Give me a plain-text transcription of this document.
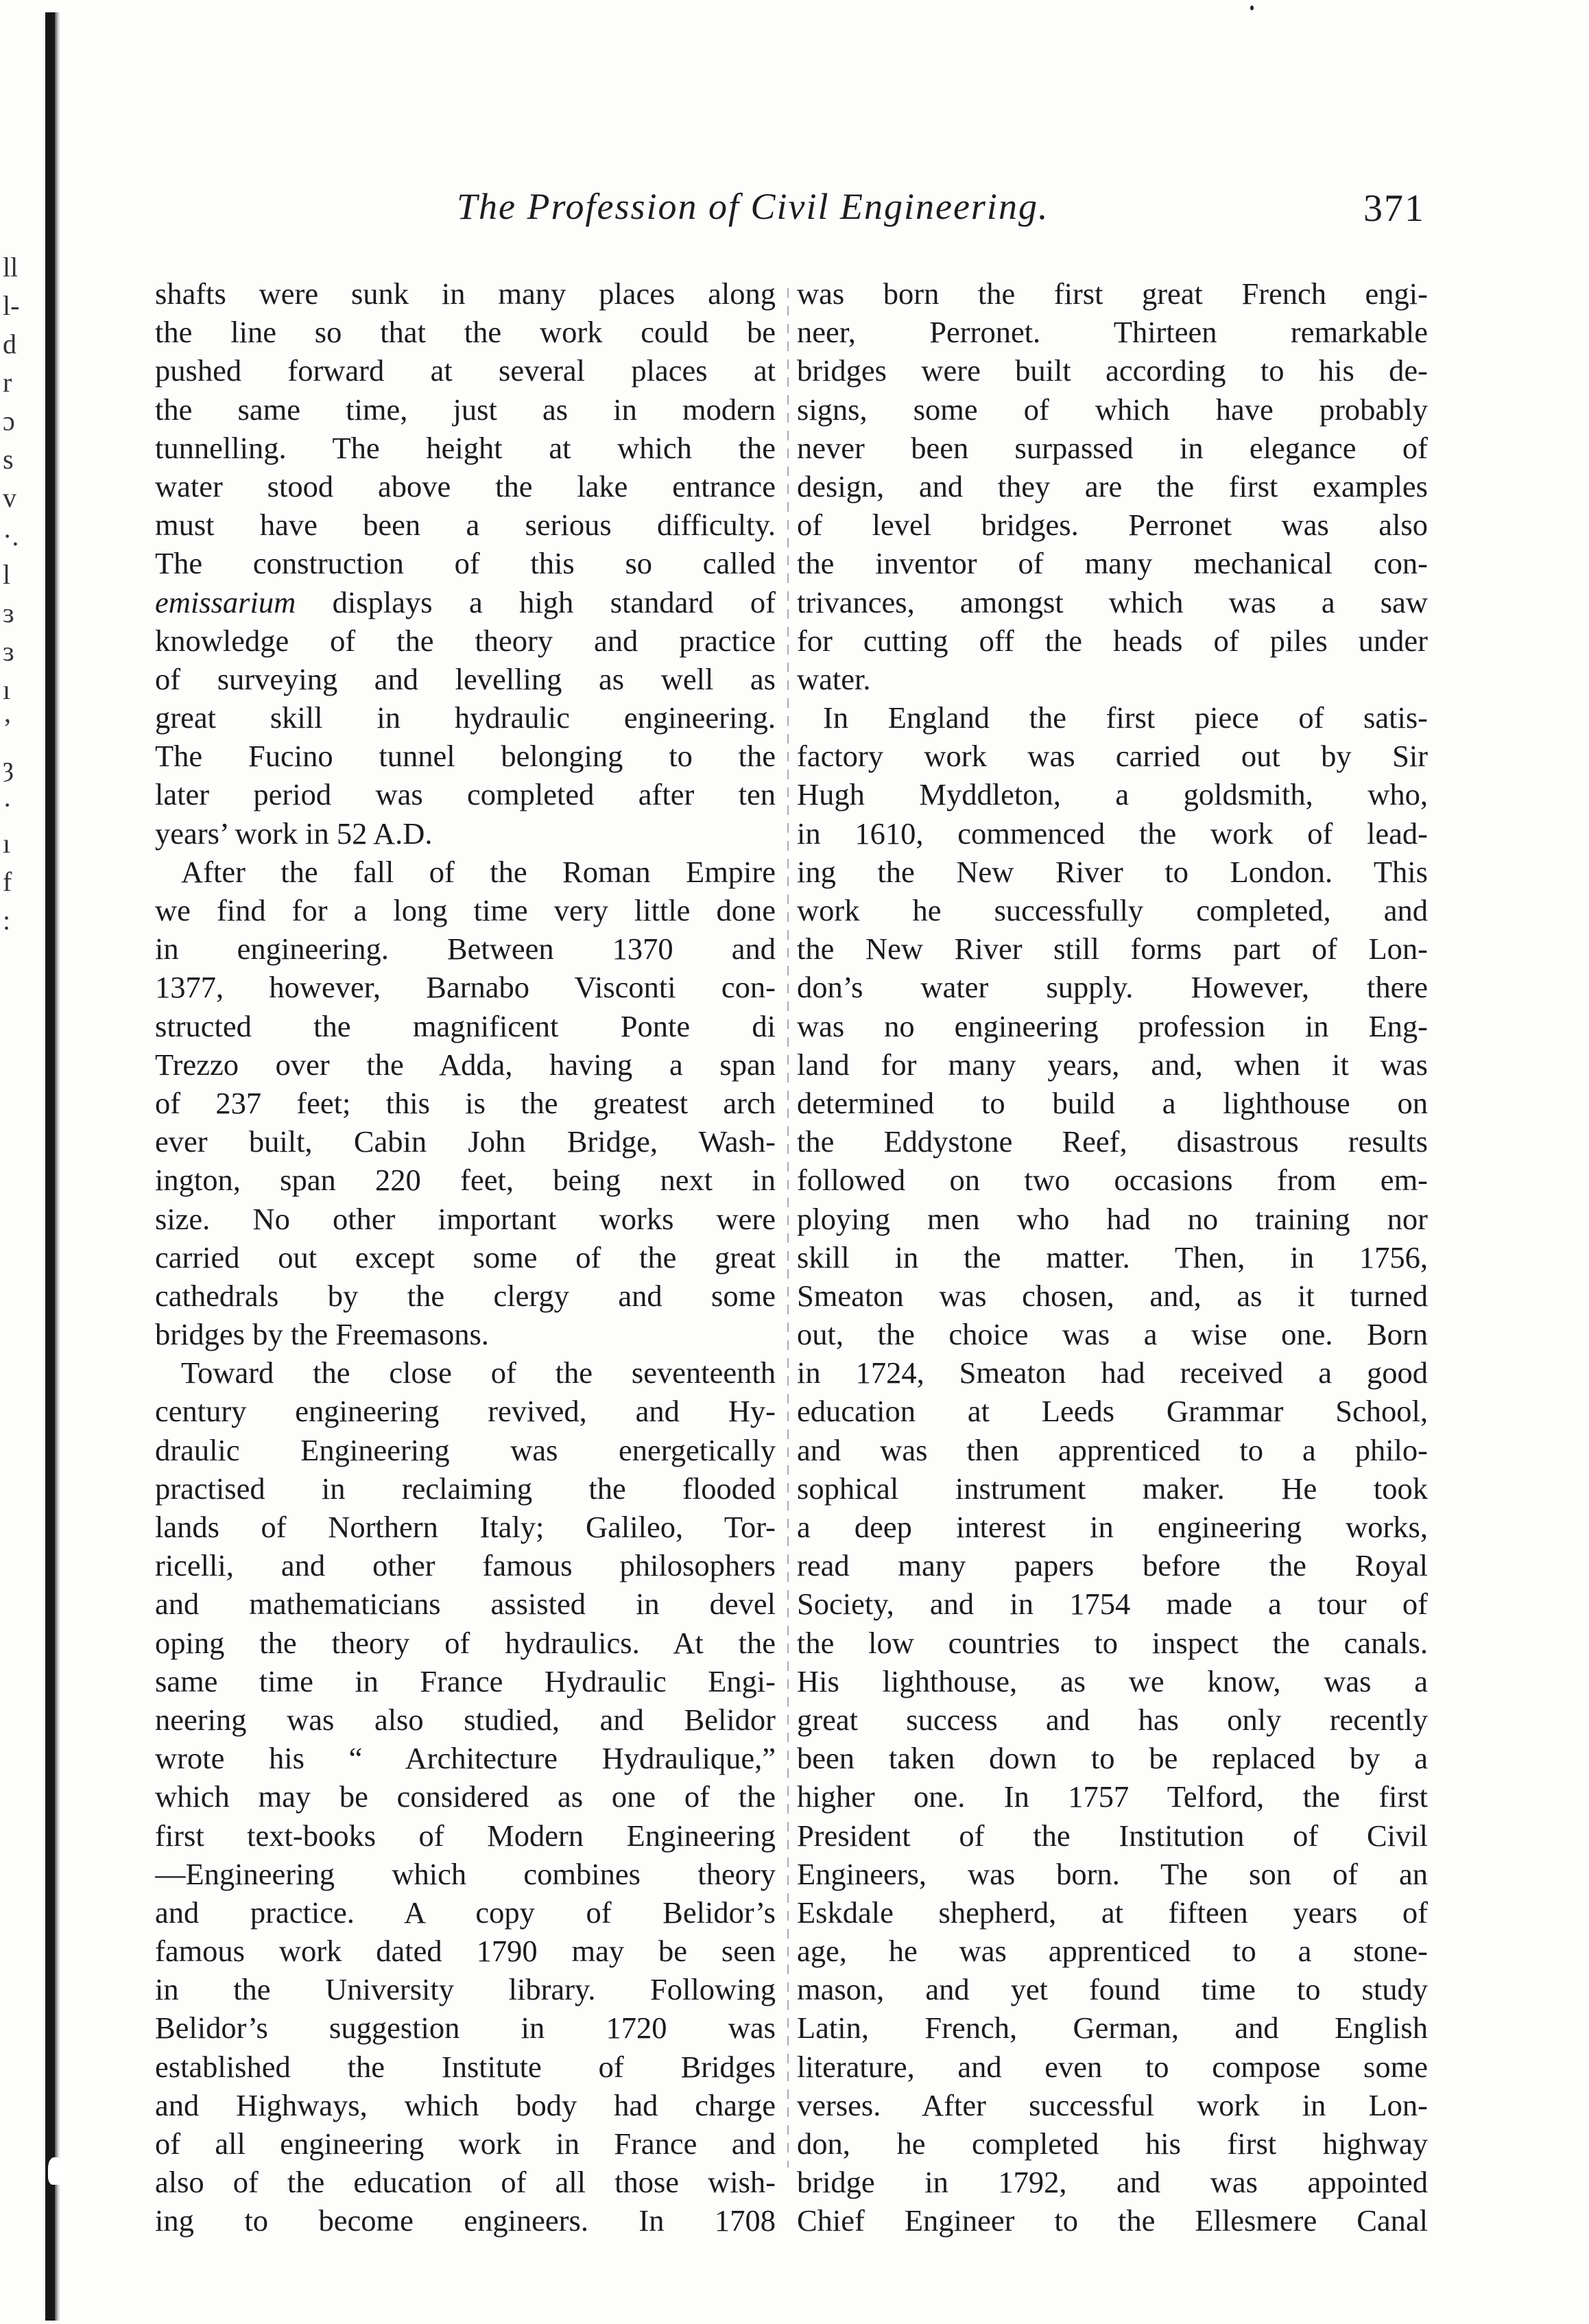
ll
l-
d
r
ɔ
s
v
·.
l
ɜ
ɜ
ı
’
ȝ
·
ı
f
:
The Profession of Civil Engineering.	371
shafts were sunk in many places along
the line so that the work could be
pushed forward at several places at
the same time, just as in modern
tunnelling. The height at which the
water stood above the lake entrance
must have been a serious difficulty.
The construction of this so called
emissarium displays a high standard of
knowledge of the theory and practice
of surveying and levelling as well as
great skill in hydraulic engineering.
The Fucino tunnel belonging to the
later period was completed after ten
years’ work in 52 A.D.
After the fall of the Roman Empire
we find for a long time very little done
in engineering. Between 1370 and
1377, however, Barnabo Visconti con-
structed the magnificent Ponte di
Trezzo over the Adda, having a span
of 237 feet; this is the greatest arch
ever built, Cabin John Bridge, Wash-
ington, span 220 feet, being next in
size. No other important works were
carried out except some of the great
cathedrals by the clergy and some
bridges by the Freemasons.
Toward the close of the seventeenth
century engineering revived, and Hy-
draulic Engineering was energetically
practised in reclaiming the flooded
lands of Northern Italy; Galileo, Tor-
ricelli, and other famous philosophers
and mathematicians assisted in devel
oping the theory of hydraulics. At the
same time in France Hydraulic Engi-
neering was also studied, and Belidor
wrote his “ Architecture Hydraulique,”
which may be considered as one of the
first text-books of Modern Engineering
—Engineering which combines theory
and practice. A copy of Belidor’s
famous work dated 1790 may be seen
in the University library. Following
Belidor’s suggestion in 1720 was
established the Institute of Bridges
and Highways, which body had charge
of all engineering work in France and
also of the education of all those wish-
ing to become engineers. In 1708
was born the first great French engi-
neer, Perronet. Thirteen remarkable
bridges were built according to his de-
signs, some of which have probably
never been surpassed in elegance of
design, and they are the first examples
of level bridges. Perronet was also
the inventor of many mechanical con-
trivances, amongst which was a saw
for cutting off the heads of piles under
water.
In England the first piece of satis-
factory work was carried out by Sir
Hugh Myddleton, a goldsmith, who,
in 1610, commenced the work of lead-
ing the New River to London. This
work he successfully completed, and
the New River still forms part of Lon-
don’s water supply. However, there
was no engineering profession in Eng-
land for many years, and, when it was
determined to build a lighthouse on
the Eddystone Reef, disastrous results
followed on two occasions from em-
ploying men who had no training nor
skill in the matter. Then, in 1756,
Smeaton was chosen, and, as it turned
out, the choice was a wise one. Born
in 1724, Smeaton had received a good
education at Leeds Grammar School,
and was then apprenticed to a philo-
sophical instrument maker. He took
a deep interest in engineering works,
read many papers before the Royal
Society, and in 1754 made a tour of
the low countries to inspect the canals.
His lighthouse, as we know, was a
great success and has only recently
been taken down to be replaced by a
higher one. In 1757 Telford, the first
President of the Institution of Civil
Engineers, was born. The son of an
Eskdale shepherd, at fifteen years of
age, he was apprenticed to a stone-
mason, and yet found time to study
Latin, French, German, and English
literature, and even to compose some
verses. After successful work in Lon-
don, he completed his first highway
bridge in 1792, and was appointed
Chief Engineer to the Ellesmere Canal
